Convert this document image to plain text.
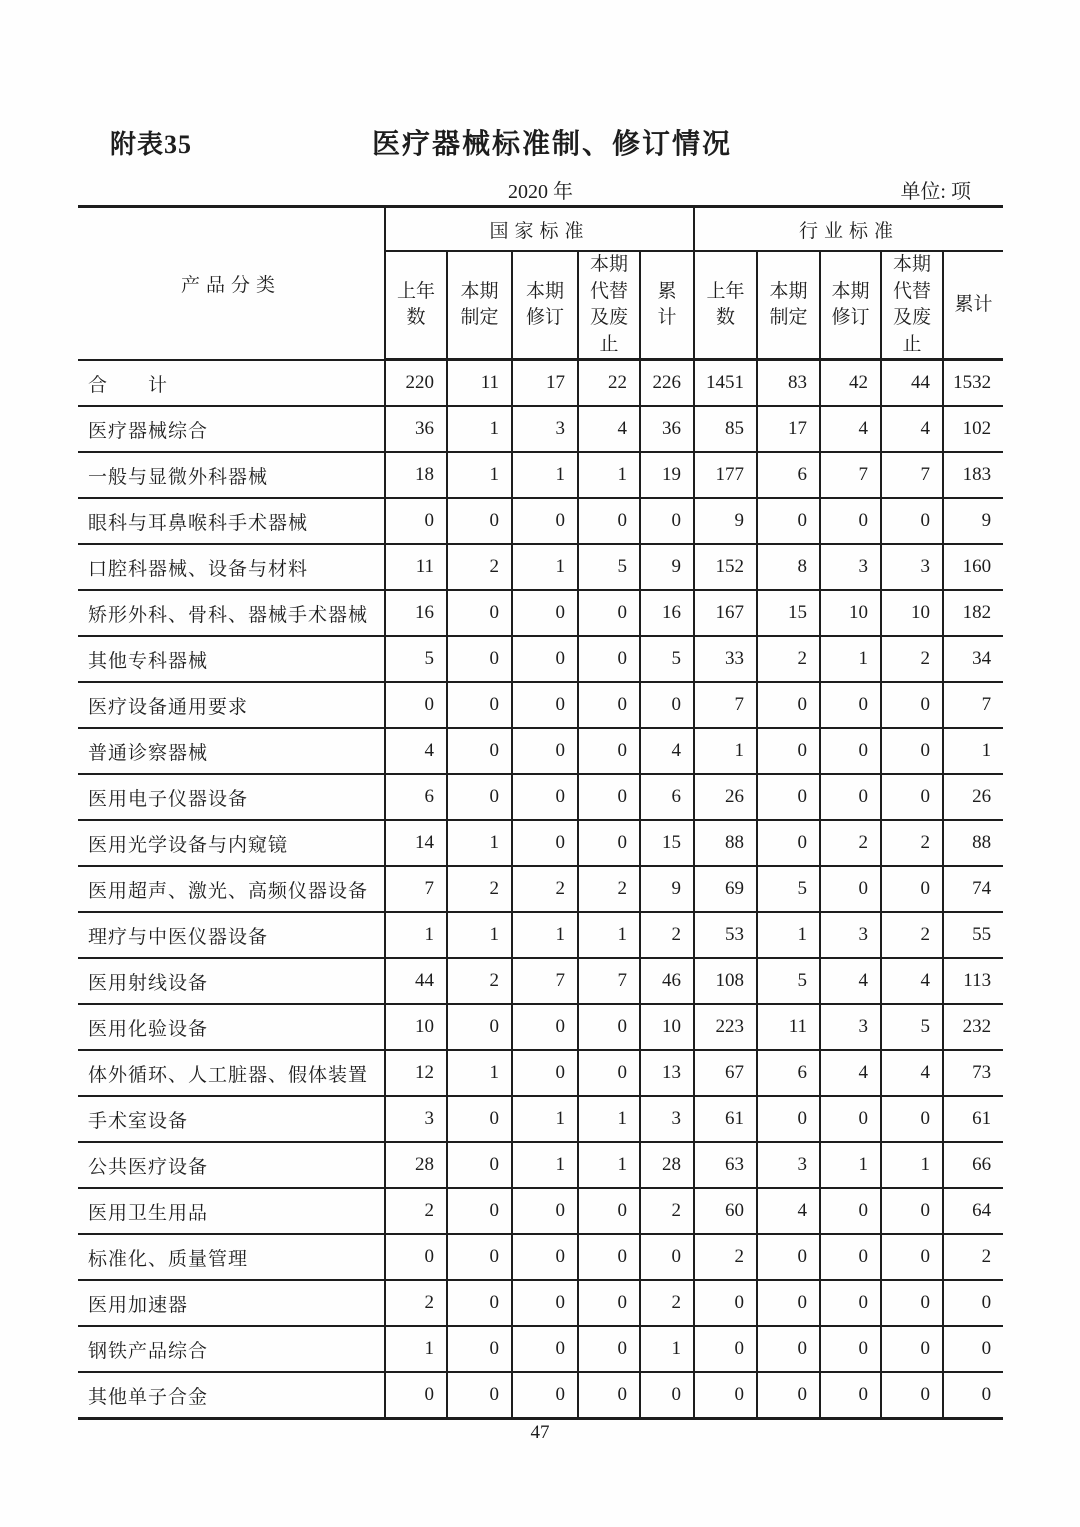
附表35	医疗器械标准制、修订情况
2020 年	单位: 项
产品分类	国家标准					行业标准				
	上年数	本期制定	本期修订	本期代替及废止	累计	上年数	本期制定	本期修订	本期代替及废止	累计
合　　计	220	11	17	22	226	1451	83	42	44	1532
医疗器械综合	36	1	3	4	36	85	17	4	4	102
一般与显微外科器械	18	1	1	1	19	177	6	7	7	183
眼科与耳鼻喉科手术器械	0	0	0	0	0	9	0	0	0	9
口腔科器械、设备与材料	11	2	1	5	9	152	8	3	3	160
矫形外科、骨科、器械手术器械	16	0	0	0	16	167	15	10	10	182
其他专科器械	5	0	0	0	5	33	2	1	2	34
医疗设备通用要求	0	0	0	0	0	7	0	0	0	7
普通诊察器械	4	0	0	0	4	1	0	0	0	1
医用电子仪器设备	6	0	0	0	6	26	0	0	0	26
医用光学设备与内窥镜	14	1	0	0	15	88	0	2	2	88
医用超声、激光、高频仪器设备	7	2	2	2	9	69	5	0	0	74
理疗与中医仪器设备	1	1	1	1	2	53	1	3	2	55
医用射线设备	44	2	7	7	46	108	5	4	4	113
医用化验设备	10	0	0	0	10	223	11	3	5	232
体外循环、人工脏器、假体装置	12	1	0	0	13	67	6	4	4	73
手术室设备	3	0	1	1	3	61	0	0	0	61
公共医疗设备	28	0	1	1	28	63	3	1	1	66
医用卫生用品	2	0	0	0	2	60	4	0	0	64
标准化、质量管理	0	0	0	0	0	2	0	0	0	2
医用加速器	2	0	0	0	2	0	0	0	0	0
钢铁产品综合	1	0	0	0	1	0	0	0	0	0
其他单子合金	0	0	0	0	0	0	0	0	0	0
47
